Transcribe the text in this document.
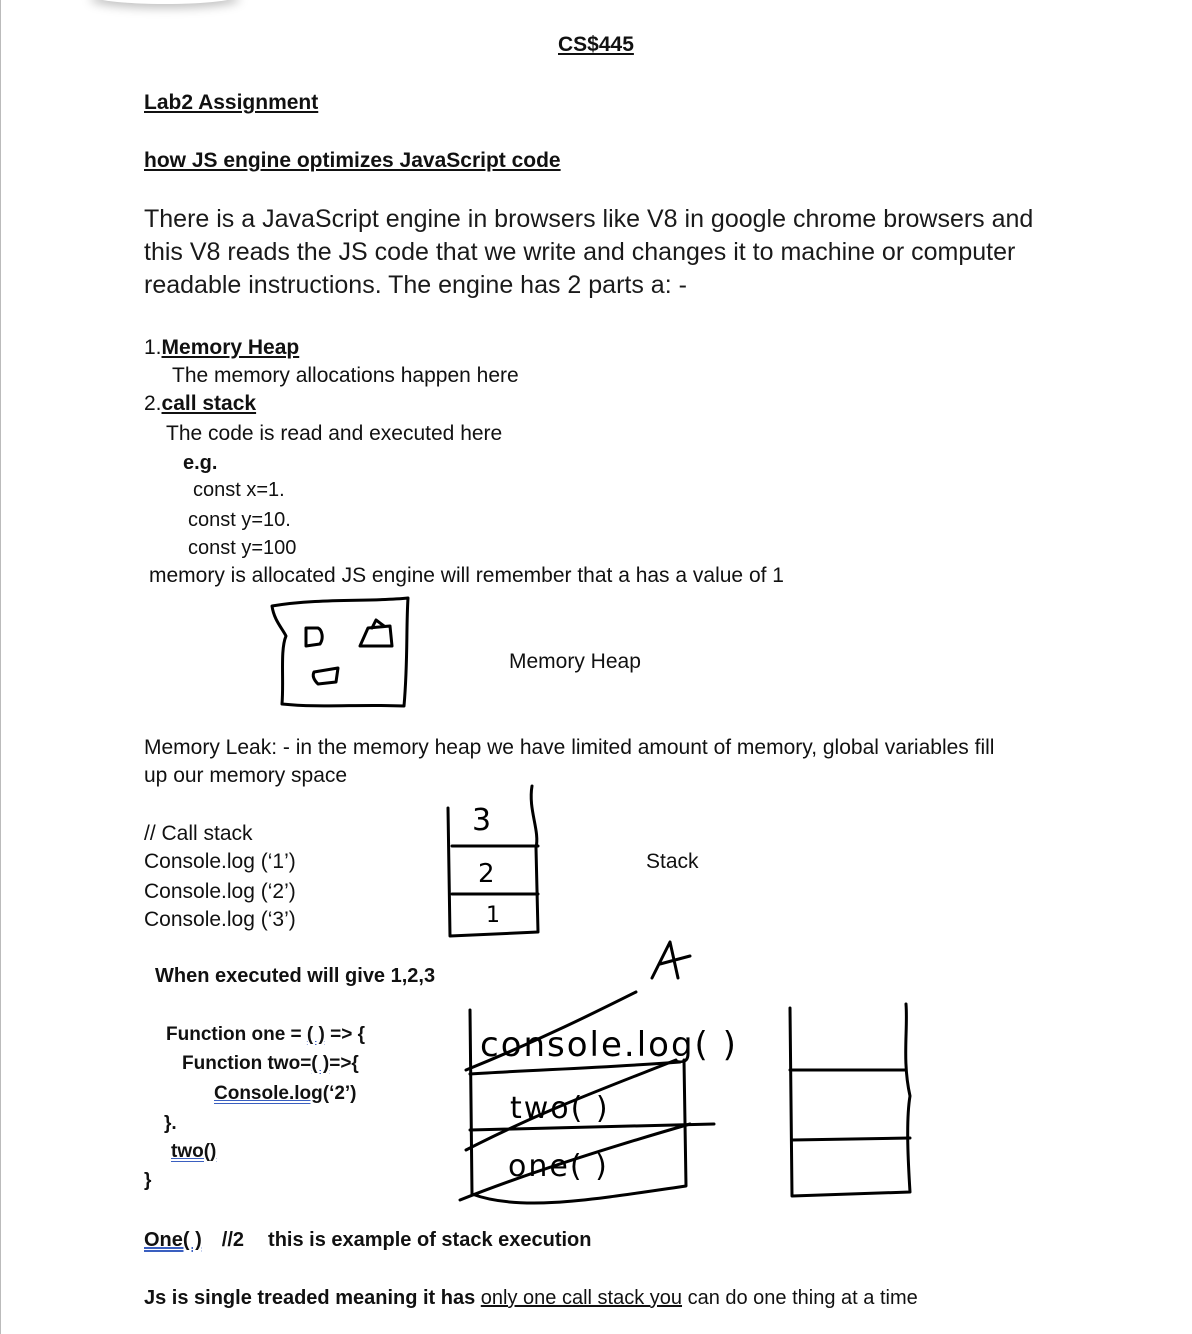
CS$445
Lab2 Assignment
how JS engine optimizes JavaScript code
There is a JavaScript engine in browsers like V8 in google chrome browsers and this V8 reads the JS code that we write and changes it to machine or computer readable instructions. The engine has 2 parts a: -
1.Memory Heap
The memory allocations happen here
2.call stack
The code is read and executed here
e.g.
const x=1.
const y=10.
const y=100
memory is allocated JS engine will remember that a has a value of 1
Memory Heap
Memory Leak: - in the memory heap we have limited amount of memory, global variables fill
up our memory space
// Call stack
Console.log (‘1’)
Console.log (‘2’)
Console.log (‘3’)
Stack
When executed will give 1,2,3
Function one = ( ) => {
Function two=( )=>{
Console.log(‘2’)
}.
two()
}
One( ) //2 this is example of stack execution
Js is single treaded meaning it has only one call stack you can do one thing at a time
3
2
1
console.log( )
two( )
one( )
